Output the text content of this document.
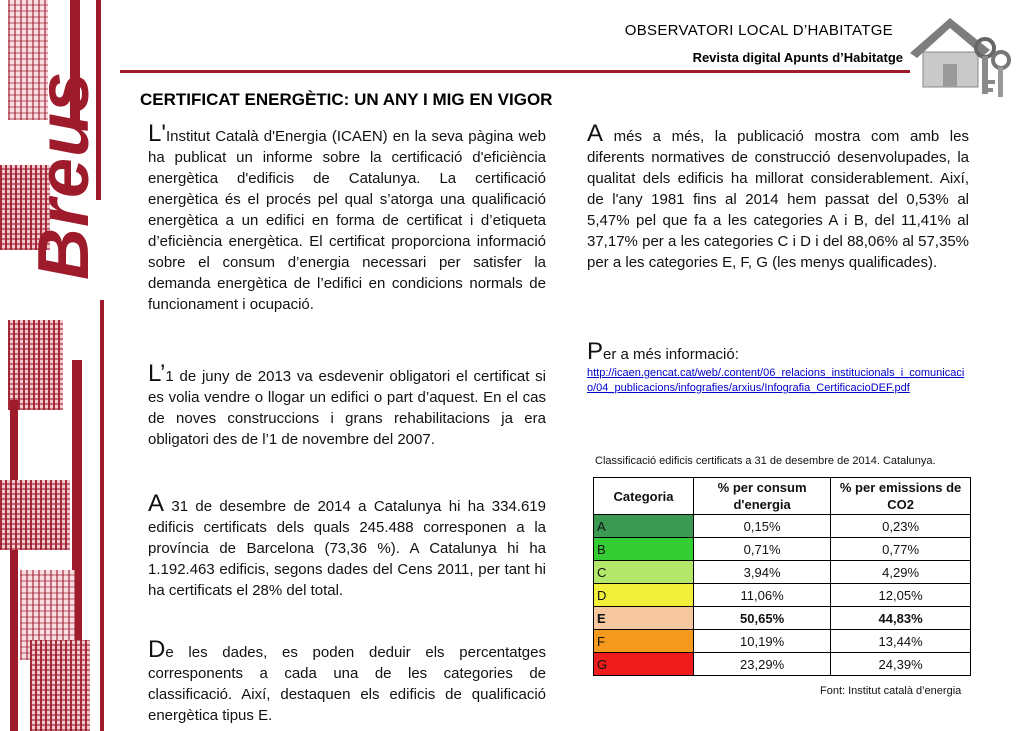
Breus
OBSERVATORI LOCAL D’HABITATGE
Revista digital Apunts d’Habitatge
CERTIFICAT ENERGÈTIC: UN ANY I MIG EN VIGOR

L'Institut Català d'Energia (ICAEN) en la seva pàgina web ha publicat un informe sobre la certificació d'eficiència energètica d'edificis de Catalunya. La certificació energètica és el procés pel qual s’atorga una qualificació energètica a un edifici en forma de certificat i d’etiqueta d’eficiència energètica. El certificat proporciona informació sobre el consum d’energia necessari per satisfer la demanda energètica de l’edifici en condicions normals de funcionament i ocupació.

L’1 de juny de 2013 va esdevenir obligatori el certificat si es volia vendre o llogar un edifici o part d’aquest. En el cas de noves construccions i grans rehabilitacions ja era obligatori des de l’1 de novembre del 2007.

A 31 de desembre de 2014 a Catalunya hi ha 334.619 edificis certificats dels quals 245.488 corresponen a la província de Barcelona (73,36 %). A Catalunya hi ha 1.192.463 edificis, segons dades del Cens 2011, per tant hi ha certificats el 28% del total.

De les dades, es poden deduir els percentatges corresponents a cada una de les categories de classificació. Així, destaquen els edificis de qualificació energètica tipus E.

A més a més, la publicació mostra com amb les diferents normatives de construcció desenvolupades, la qualitat dels edificis ha millorat considerablement. Així, de l'any 1981 fins al 2014 hem passat del 0,53% al 5,47% pel que fa a les categories A i B, del 11,41% al 37,17% per a les categories C i D i del 88,06% al 57,35% per a les categories E, F, G (les menys qualificades).

Per a més informació:

http://icaen.gencat.cat/web/.content/06_relacions_institucionals_i_comunicacio/04_publicacions/infografies/arxius/Infografia_CertificacioDEF.pdf
Classificació edificis certificats a 31 de desembre de 2014. Catalunya.
Categoria	% per consum d'energia	% per emissions de CO2
A	0,15%	0,23%
B	0,71%	0,77%
C	3,94%	4,29%
D	11,06%	12,05%
E	50,65%	44,83%
F	10,19%	13,44%
G	23,29%	24,39%
Font: Institut català d’energia
